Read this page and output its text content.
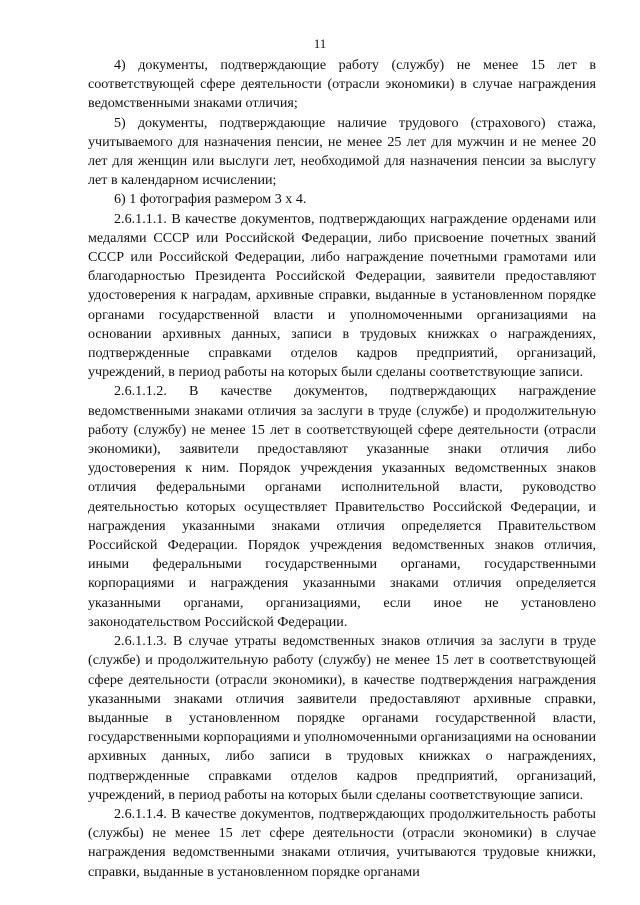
11

4) документы, подтверждающие работу (службу) не менее 15 лет в соответствующей сфере деятельности (отрасли экономики) в случае награждения ведомственными знаками отличия;

5) документы, подтверждающие наличие трудового (страхового) стажа, учитываемого для назначения пенсии, не менее 25 лет для мужчин и не менее 20 лет для женщин или выслуги лет, необходимой для назначения пенсии за выслугу лет в календарном исчислении;

6) 1 фотография размером 3 х 4.

2.6.1.1.1. В качестве документов, подтверждающих награждение орденами или медалями СССР или Российской Федерации, либо присвоение почетных званий СССР или Российской Федерации, либо награждение почетными грамотами или благодарностью Президента Российской Федерации, заявители предоставляют удостоверения к наградам, архивные справки, выданные в установленном порядке органами государственной власти и уполномоченными организациями на основании архивных данных, записи в трудовых книжках о награждениях, подтвержденные справками отделов кадров предприятий, организаций, учреждений, в период работы на которых были сделаны соответствующие записи.

2.6.1.1.2. В качестве документов, подтверждающих награждение ведомственными знаками отличия за заслуги в труде (службе) и продолжительную работу (службу) не менее 15 лет в соответствующей сфере деятельности (отрасли экономики), заявители предоставляют указанные знаки отличия либо удостоверения к ним. Порядок учреждения указанных ведомственных знаков отличия федеральными органами исполнительной власти, руководство деятельностью которых осуществляет Правительство Российской Федерации, и награждения указанными знаками отличия определяется Правительством Российской Федерации. Порядок учреждения ведомственных знаков отличия, иными федеральными государственными органами, государственными корпорациями и награждения указанными знаками отличия определяется указанными органами, организациями, если иное не установлено законодательством Российской Федерации.

2.6.1.1.3. В случае утраты ведомственных знаков отличия за заслуги в труде (службе) и продолжительную работу (службу) не менее 15 лет в соответствующей сфере деятельности (отрасли экономики), в качестве подтверждения награждения указанными знаками отличия заявители предоставляют архивные справки, выданные в установленном порядке органами государственной власти, государственными корпорациями и уполномоченными организациями на основании архивных данных, либо записи в трудовых книжках о награждениях, подтвержденные справками отделов кадров предприятий, организаций, учреждений, в период работы на которых были сделаны соответствующие записи.

2.6.1.1.4. В качестве документов, подтверждающих продолжительность работы (службы) не менее 15 лет сфере деятельности (отрасли экономики) в случае награждения ведомственными знаками отличия, учитываются трудовые книжки, справки, выданные в установленном порядке органами
